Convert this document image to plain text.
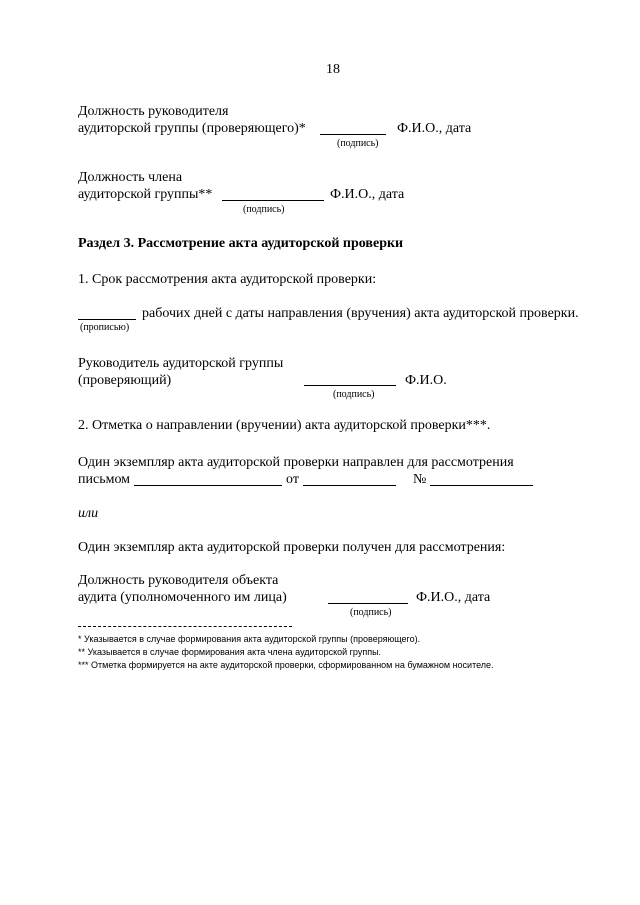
18
Должность руководителя
аудиторской группы (проверяющего)*
(подпись)
Ф.И.О., дата
Должность члена
аудиторской группы**
(подпись)
Ф.И.О., дата
Раздел 3. Рассмотрение акта аудиторской проверки
1. Срок рассмотрения акта аудиторской проверки:
рабочих дней с даты направления (вручения) акта аудиторской проверки.
(прописью)
Руководитель аудиторской группы
(проверяющий)
(подпись)
Ф.И.О.
2. Отметка о направлении (вручении) акта аудиторской проверки***.
Один экземпляр акта аудиторской проверки направлен для рассмотрения
письмом	от	№
или
Один экземпляр акта аудиторской проверки получен для рассмотрения:
Должность руководителя объекта
аудита (уполномоченного им лица)
(подпись)
Ф.И.О., дата
* Указывается в случае формирования акта аудиторской группы (проверяющего).
** Указывается в случае формирования акта члена аудиторской группы.
*** Отметка формируется на акте аудиторской проверки, сформированном на бумажном носителе.
